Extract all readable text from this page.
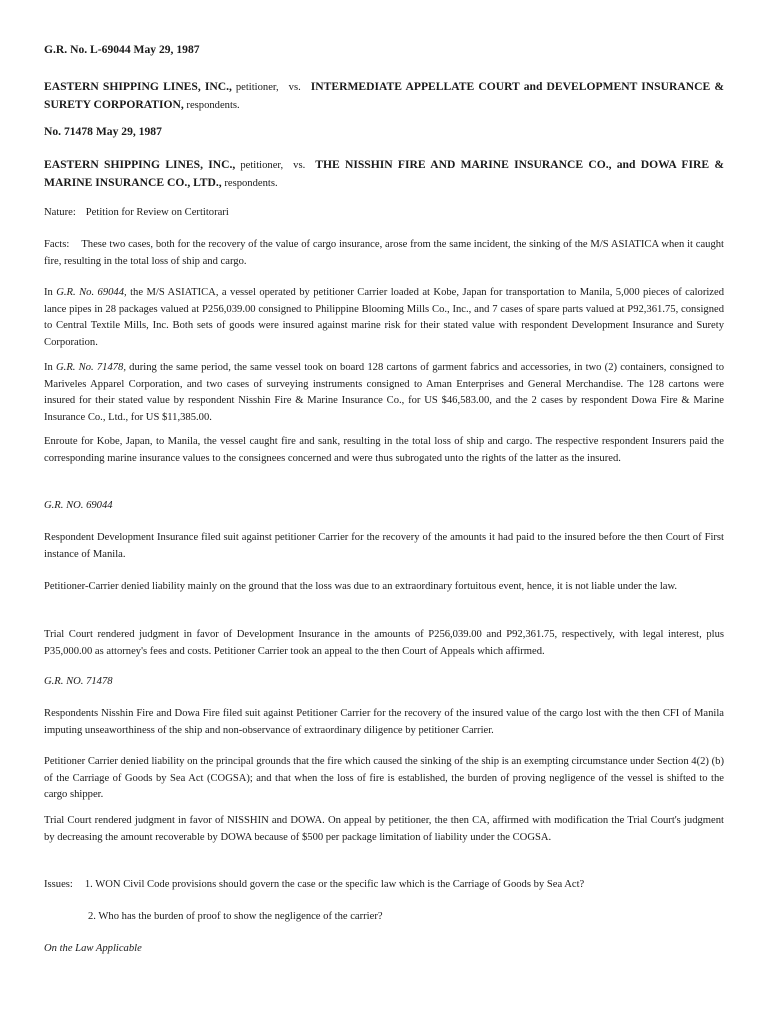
G.R. No. L-69044 May 29, 1987

EASTERN SHIPPING LINES, INC., petitioner, vs. INTERMEDIATE APPELLATE COURT and DEVELOPMENT INSURANCE & SURETY CORPORATION, respondents.

No. 71478 May 29, 1987

EASTERN SHIPPING LINES, INC., petitioner, vs. THE NISSHIN FIRE AND MARINE INSURANCE CO., and DOWA FIRE & MARINE INSURANCE CO., LTD., respondents.

Nature: Petition for Review on Certitorari

Facts: These two cases, both for the recovery of the value of cargo insurance, arose from the same incident, the sinking of the M/S ASIATICA when it caught fire, resulting in the total loss of ship and cargo.

In G.R. No. 69044, the M/S ASIATICA, a vessel operated by petitioner Carrier loaded at Kobe, Japan for transportation to Manila, 5,000 pieces of calorized lance pipes in 28 packages valued at P256,039.00 consigned to Philippine Blooming Mills Co., Inc., and 7 cases of spare parts valued at P92,361.75, consigned to Central Textile Mills, Inc. Both sets of goods were insured against marine risk for their stated value with respondent Development Insurance and Surety Corporation.

In G.R. No. 71478, during the same period, the same vessel took on board 128 cartons of garment fabrics and accessories, in two (2) containers, consigned to Mariveles Apparel Corporation, and two cases of surveying instruments consigned to Aman Enterprises and General Merchandise. The 128 cartons were insured for their stated value by respondent Nisshin Fire & Marine Insurance Co., for US $46,583.00, and the 2 cases by respondent Dowa Fire & Marine Insurance Co., Ltd., for US $11,385.00.

Enroute for Kobe, Japan, to Manila, the vessel caught fire and sank, resulting in the total loss of ship and cargo. The respective respondent Insurers paid the corresponding marine insurance values to the consignees concerned and were thus subrogated unto the rights of the latter as the insured.

G.R. NO. 69044

Respondent Development Insurance filed suit against petitioner Carrier for the recovery of the amounts it had paid to the insured before the then Court of First instance of Manila.

Petitioner-Carrier denied liability mainly on the ground that the loss was due to an extraordinary fortuitous event, hence, it is not liable under the law.

Trial Court rendered judgment in favor of Development Insurance in the amounts of P256,039.00 and P92,361.75, respectively, with legal interest, plus P35,000.00 as attorney's fees and costs. Petitioner Carrier took an appeal to the then Court of Appeals which affirmed.

G.R. NO. 71478

Respondents Nisshin Fire and Dowa Fire filed suit against Petitioner Carrier for the recovery of the insured value of the cargo lost with the then CFI of Manila imputing unseaworthiness of the ship and non-observance of extraordinary diligence by petitioner Carrier.

Petitioner Carrier denied liability on the principal grounds that the fire which caused the sinking of the ship is an exempting circumstance under Section 4(2) (b) of the Carriage of Goods by Sea Act (COGSA); and that when the loss of fire is established, the burden of proving negligence of the vessel is shifted to the cargo shipper.

Trial Court rendered judgment in favor of NISSHIN and DOWA. On appeal by petitioner, the then CA, affirmed with modification the Trial Court's judgment by decreasing the amount recoverable by DOWA because of $500 per package limitation of liability under the COGSA.

Issues: 1. WON Civil Code provisions should govern the case or the specific law which is the Carriage of Goods by Sea Act?

2. Who has the burden of proof to show the negligence of the carrier?

On the Law Applicable
